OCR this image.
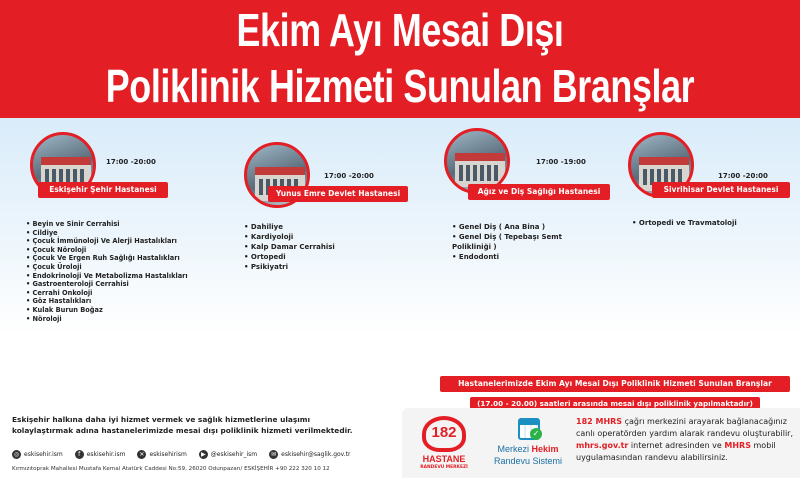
Ekim Ayı Mesai Dışı
Poliklinik Hizmeti Sunulan Branşlar
17:00 -20:00
Eskişehir Şehir Hastanesi
• Beyin ve Sinir Cerrahisi
• Cildiye
• Çocuk İmmünoloji Ve Alerji Hastalıkları
• Çocuk Nöroloji
• Çocuk Ve Ergen Ruh Sağlığı Hastalıkları
• Çocuk Üroloji
• Endokrinoloji Ve Metabolizma Hastalıkları
• Gastroenteroloji Cerrahisi
• Cerrahi Onkoloji
• Göz Hastalıkları
• Kulak Burun Boğaz
• Nöroloji
17:00 -20:00
Yunus Emre Devlet Hastanesi
• Dahiliye
• Kardiyoloji
• Kalp Damar Cerrahisi
• Ortopedi
• Psikiyatri
17:00 -19:00
Ağız ve Diş Sağlığı Hastanesi
• Genel Diş ( Ana Bina )
• Genel Diş ( Tepebaşı Semt Polikliniği )
• Endodonti
17:00 -20:00
Sivrihisar Devlet Hastanesi
• Ortopedi ve Travmatoloji
Hastanelerimizde Ekim Ayı Mesai Dışı Poliklinik Hizmeti Sunulan Branşlar
(17.00 - 20.00) saatleri arasında mesai dışı poliklinik yapılmaktadır)
Eskişehir halkına daha iyi hizmet vermek ve sağlık hizmetlerine ulaşımı kolaylaştırmak adına hastanelerimizde mesai dışı poliklinik hizmeti verilmektedir.
◎ eskisehir.ism	f	eskisehir.ism	✕ eskisehirism	▶ @eskisehir_ism	✉ eskisehir@saglik.gov.tr
Kırmızıtoprak Mahallesi Mustafa Kemal Atatürk Caddesi No:59, 26020 Odunpazarı/ ESKİŞEHİR +90 222 320 10 12
182
HASTANE
RANDEVU MERKEZİ
✓
Merkezi Hekim
Randevu Sistemi
182 MHRS çağrı merkezini arayarak bağlanacağınız canlı operatörden yardım alarak randevu oluşturabilir, mhrs.gov.tr internet adresinden ve MHRS mobil uygulamasından randevu alabilirsiniz.
